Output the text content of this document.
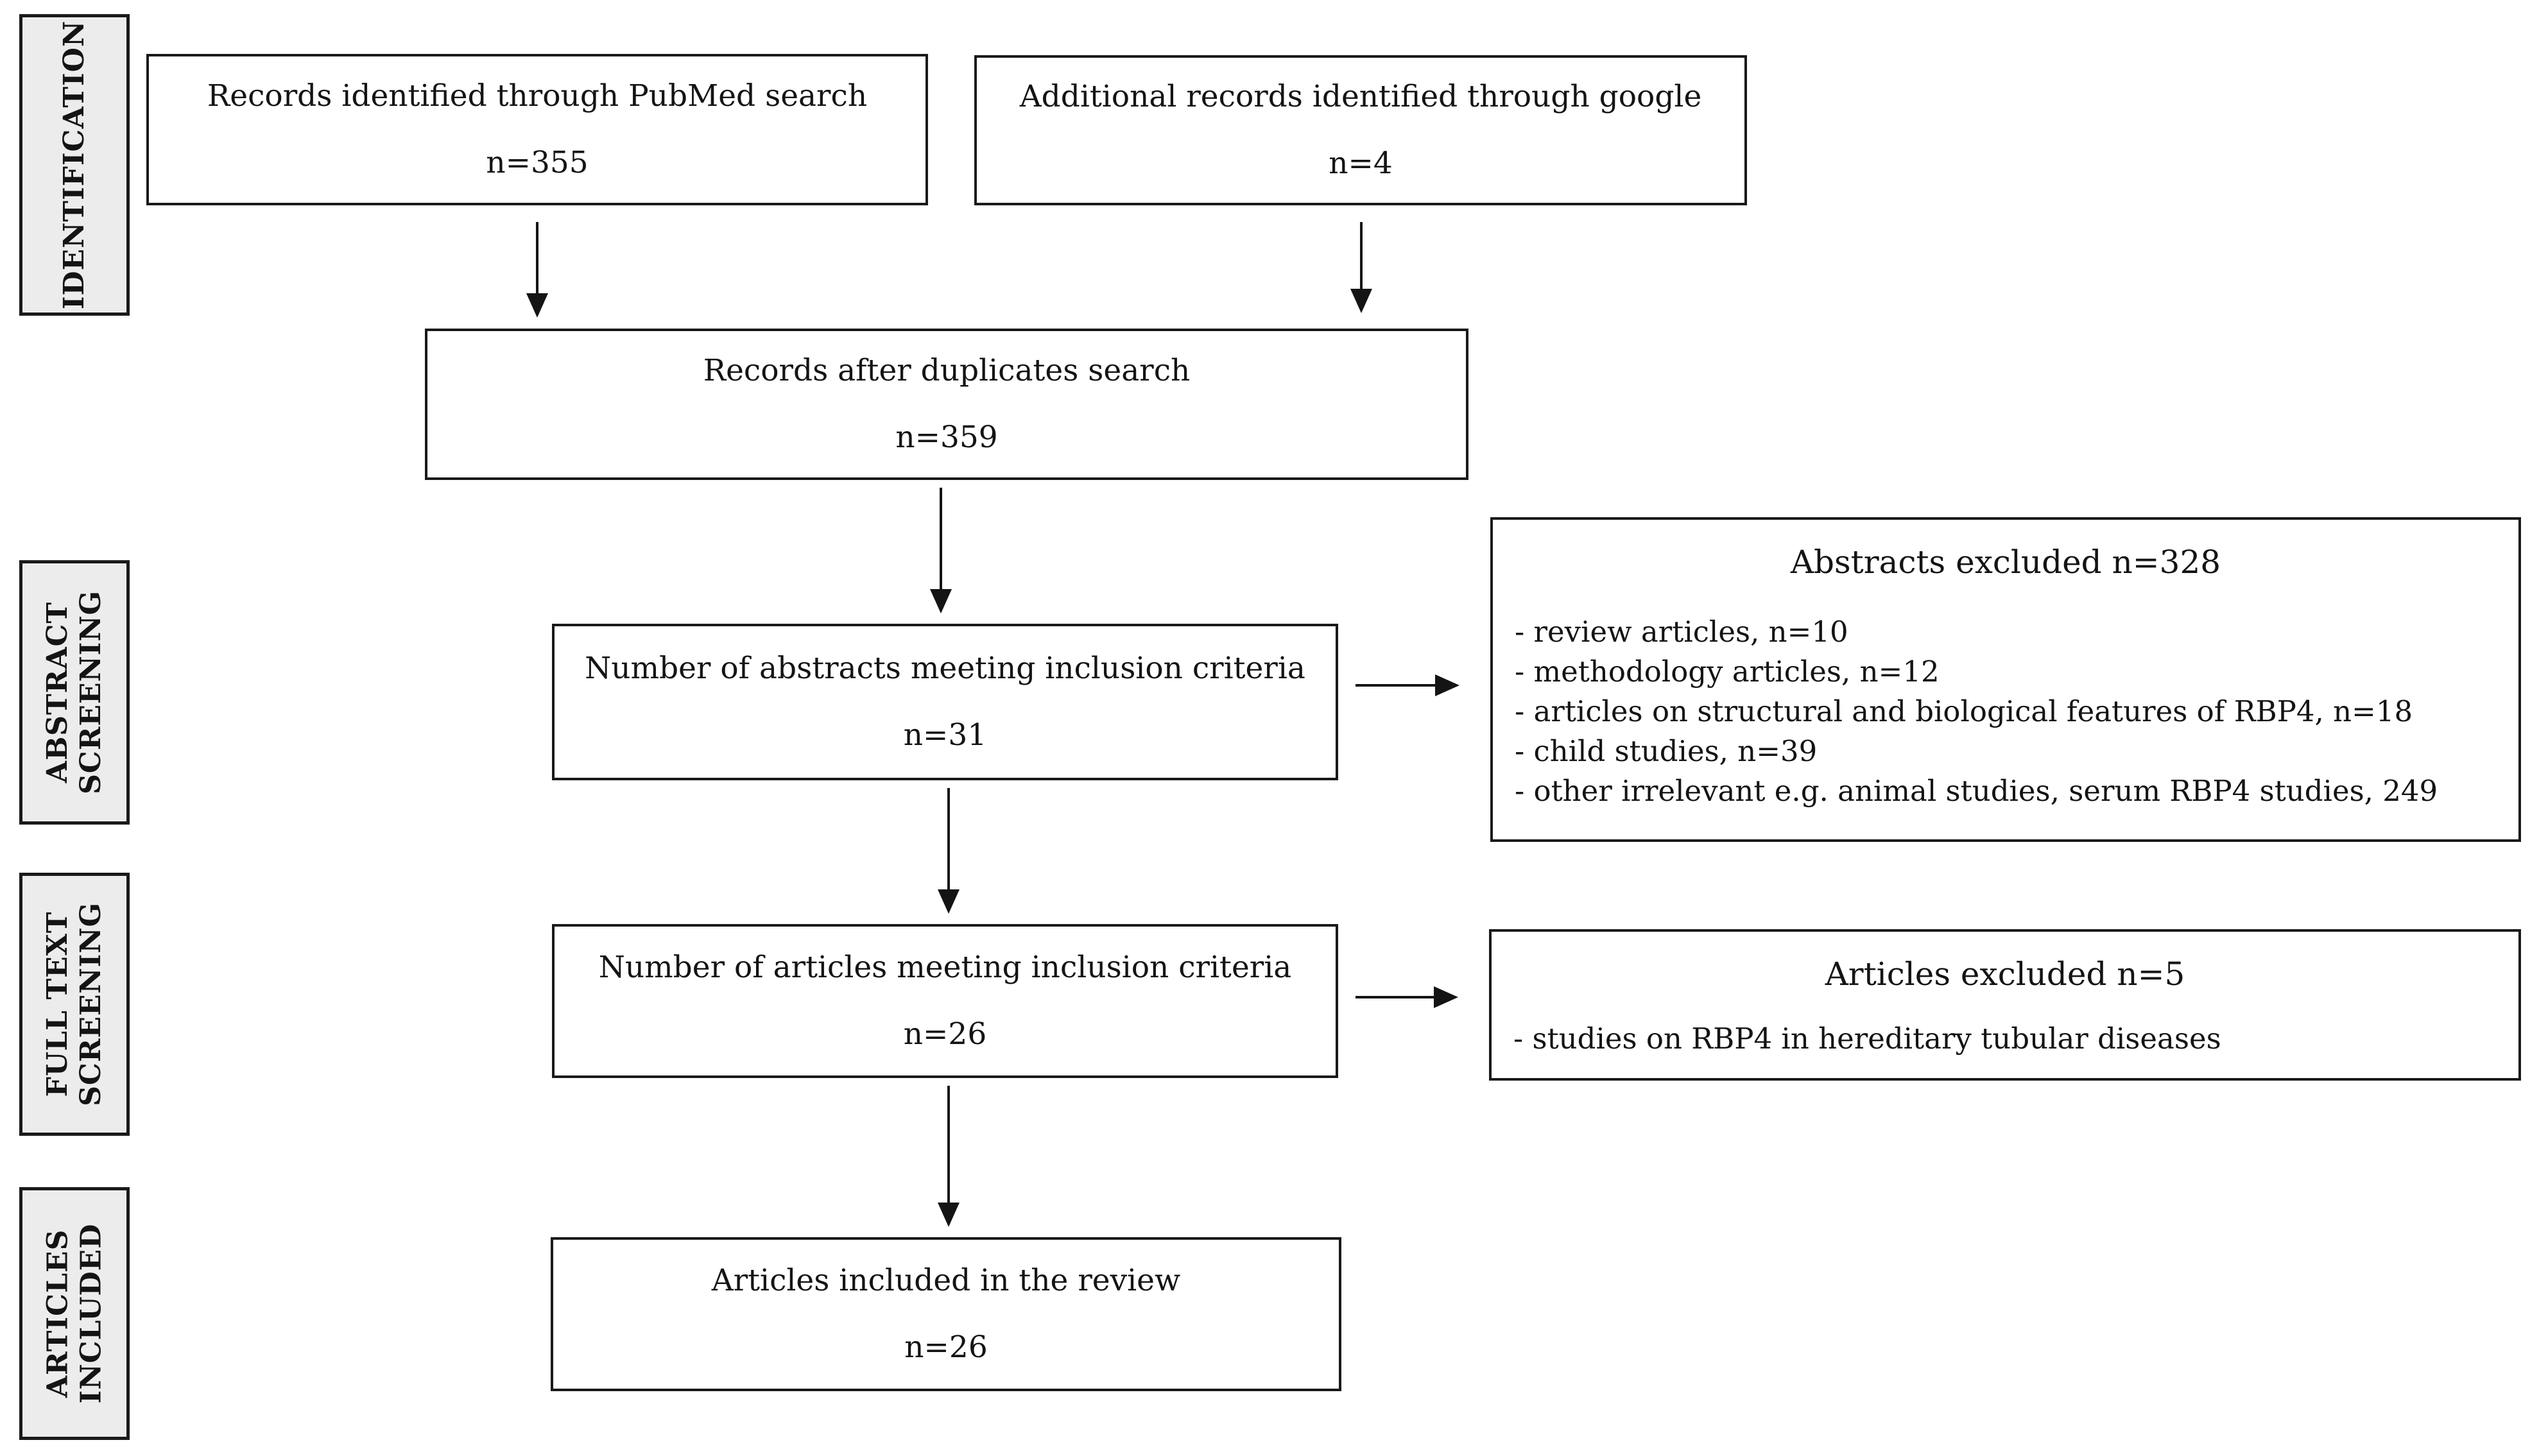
IDENTIFICATION
ABSTRACT SCREENING
FULL TEXT SCREENING
ARTICLES INCLUDED
Records identified through PubMed search
n=355
Additional records identified through google
n=4
Records after duplicates search
n=359
Number of abstracts meeting inclusion criteria
n=31
Abstracts excluded n=328
- review articles, n=10
- methodology articles, n=12
- articles on structural and biological features of RBP4, n=18
- child studies, n=39
- other irrelevant e.g. animal studies, serum RBP4 studies, 249
Number of articles meeting inclusion criteria
n=26
Articles excluded n=5
- studies on RBP4 in hereditary tubular diseases
Articles included in the review
n=26
